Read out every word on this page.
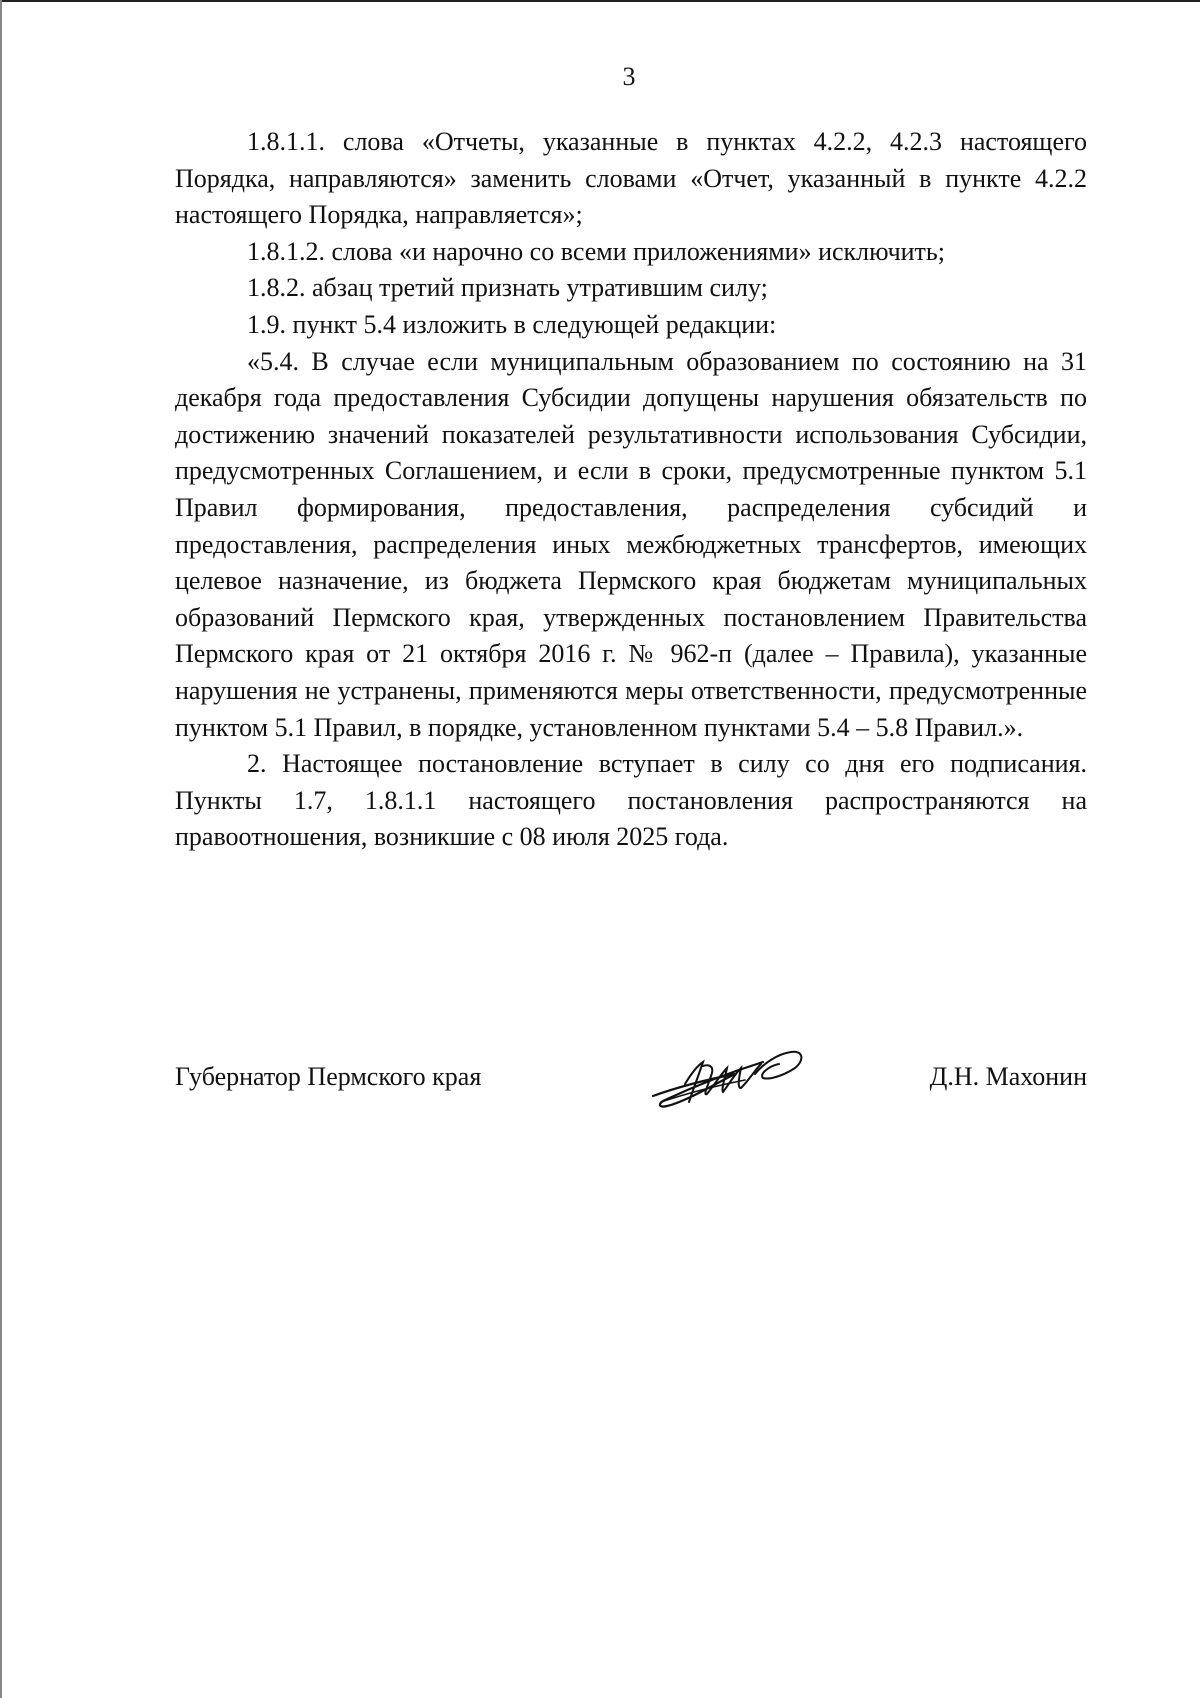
3

1.8.1.1. слова «Отчеты, указанные в пунктах 4.2.2, 4.2.3 настоящего Порядка, направляются» заменить словами «Отчет, указанный в пункте 4.2.2 настоящего Порядка, направляется»;

1.8.1.2. слова «и нарочно со всеми приложениями» исключить;

1.8.2. абзац третий признать утратившим силу;

1.9. пункт 5.4 изложить в следующей редакции:

«5.4. В случае если муниципальным образованием по состоянию на 31 декабря года предоставления Субсидии допущены нарушения обязательств по достижению значений показателей результативности использования Субсидии, предусмотренных Соглашением, и если в сроки, предусмотренные пунктом 5.1 Правил формирования, предоставления, распределения субсидий и предоставления, распределения иных межбюджетных трансфертов, имеющих целевое назначение, из бюджета Пермского края бюджетам муниципальных образований Пермского края, утвержденных постановлением Правительства Пермского края от 21 октября 2016 г. № 962-п (далее – Правила), указанные нарушения не устранены, применяются меры ответственности, предусмотренные пунктом 5.1 Правил, в порядке, установленном пунктами 5.4 – 5.8 Правил.».

2. Настоящее постановление вступает в силу со дня его подписания. Пункты 1.7, 1.8.1.1 настоящего постановления распространяются на правоотношения, возникшие с 08 июля 2025 года.

Губернатор Пермского края	Д.Н. Махонин
